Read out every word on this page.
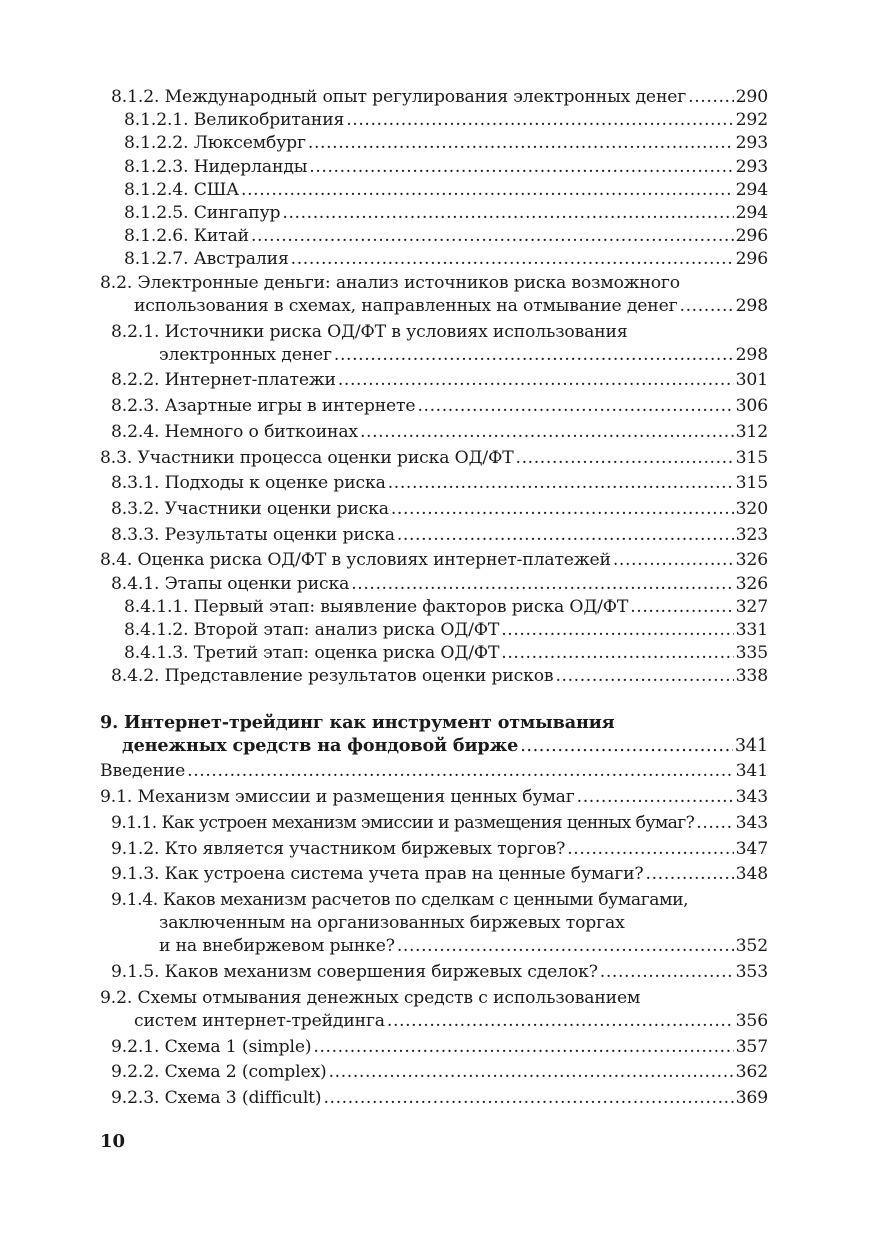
8.1.2. Международный опыт регулирования электронных денег .....	290
8.1.2.1. Великобритания .....	292
8.1.2.2. Люксембург .....	293
8.1.2.3. Нидерланды .....	293
8.1.2.4. США .....	294
8.1.2.5. Сингапур .....	294
8.1.2.6. Китай .....	296
8.1.2.7. Австралия .....	296
8.2. Электронные деньги: анализ источников риска возможного
использования в схемах, направленных на отмывание денег .....	298
8.2.1. Источники риска ОД/ФТ в условиях использования
электронных денег .....	298
8.2.2. Интернет-платежи .....	301
8.2.3. Азартные игры в интернете .....	306
8.2.4. Немного о биткоинах .....	312
8.3. Участники процесса оценки риска ОД/ФТ .....	315
8.3.1. Подходы к оценке риска .....	315
8.3.2. Участники оценки риска .....	320
8.3.3. Результаты оценки риска .....	323
8.4. Оценка риска ОД/ФТ в условиях интернет-платежей .....	326
8.4.1. Этапы оценки риска .....	326
8.4.1.1. Первый этап: выявление факторов риска ОД/ФТ .....	327
8.4.1.2. Второй этап: анализ риска ОД/ФТ .....	331
8.4.1.3. Третий этап: оценка риска ОД/ФТ .....	335
8.4.2. Представление результатов оценки рисков .....	338
9. Интернет-трейдинг как инструмент отмывания
денежных средств на фондовой бирже .....	341
Введение .....	341
9.1. Механизм эмиссии и размещения ценных бумаг .....	343
9.1.1. Как устроен механизм эмиссии и размещения ценных бумаг? ..... 343
9.1.2. Кто является участником биржевых торгов? .....	347
9.1.3. Как устроена система учета прав на ценные бумаги? .....	348
9.1.4. Каков механизм расчетов по сделкам с ценными бумагами,
заключенным на организованных биржевых торгах
и на внебиржевом рынке? .....	352
9.1.5. Каков механизм совершения биржевых сделок? .....	353
9.2. Схемы отмывания денежных средств с использованием
систем интернет-трейдинга .....	356
9.2.1. Схема 1 (simple) .....	357
9.2.2. Схема 2 (complex) .....	362
9.2.3. Схема 3 (difficult) .....	369
10
